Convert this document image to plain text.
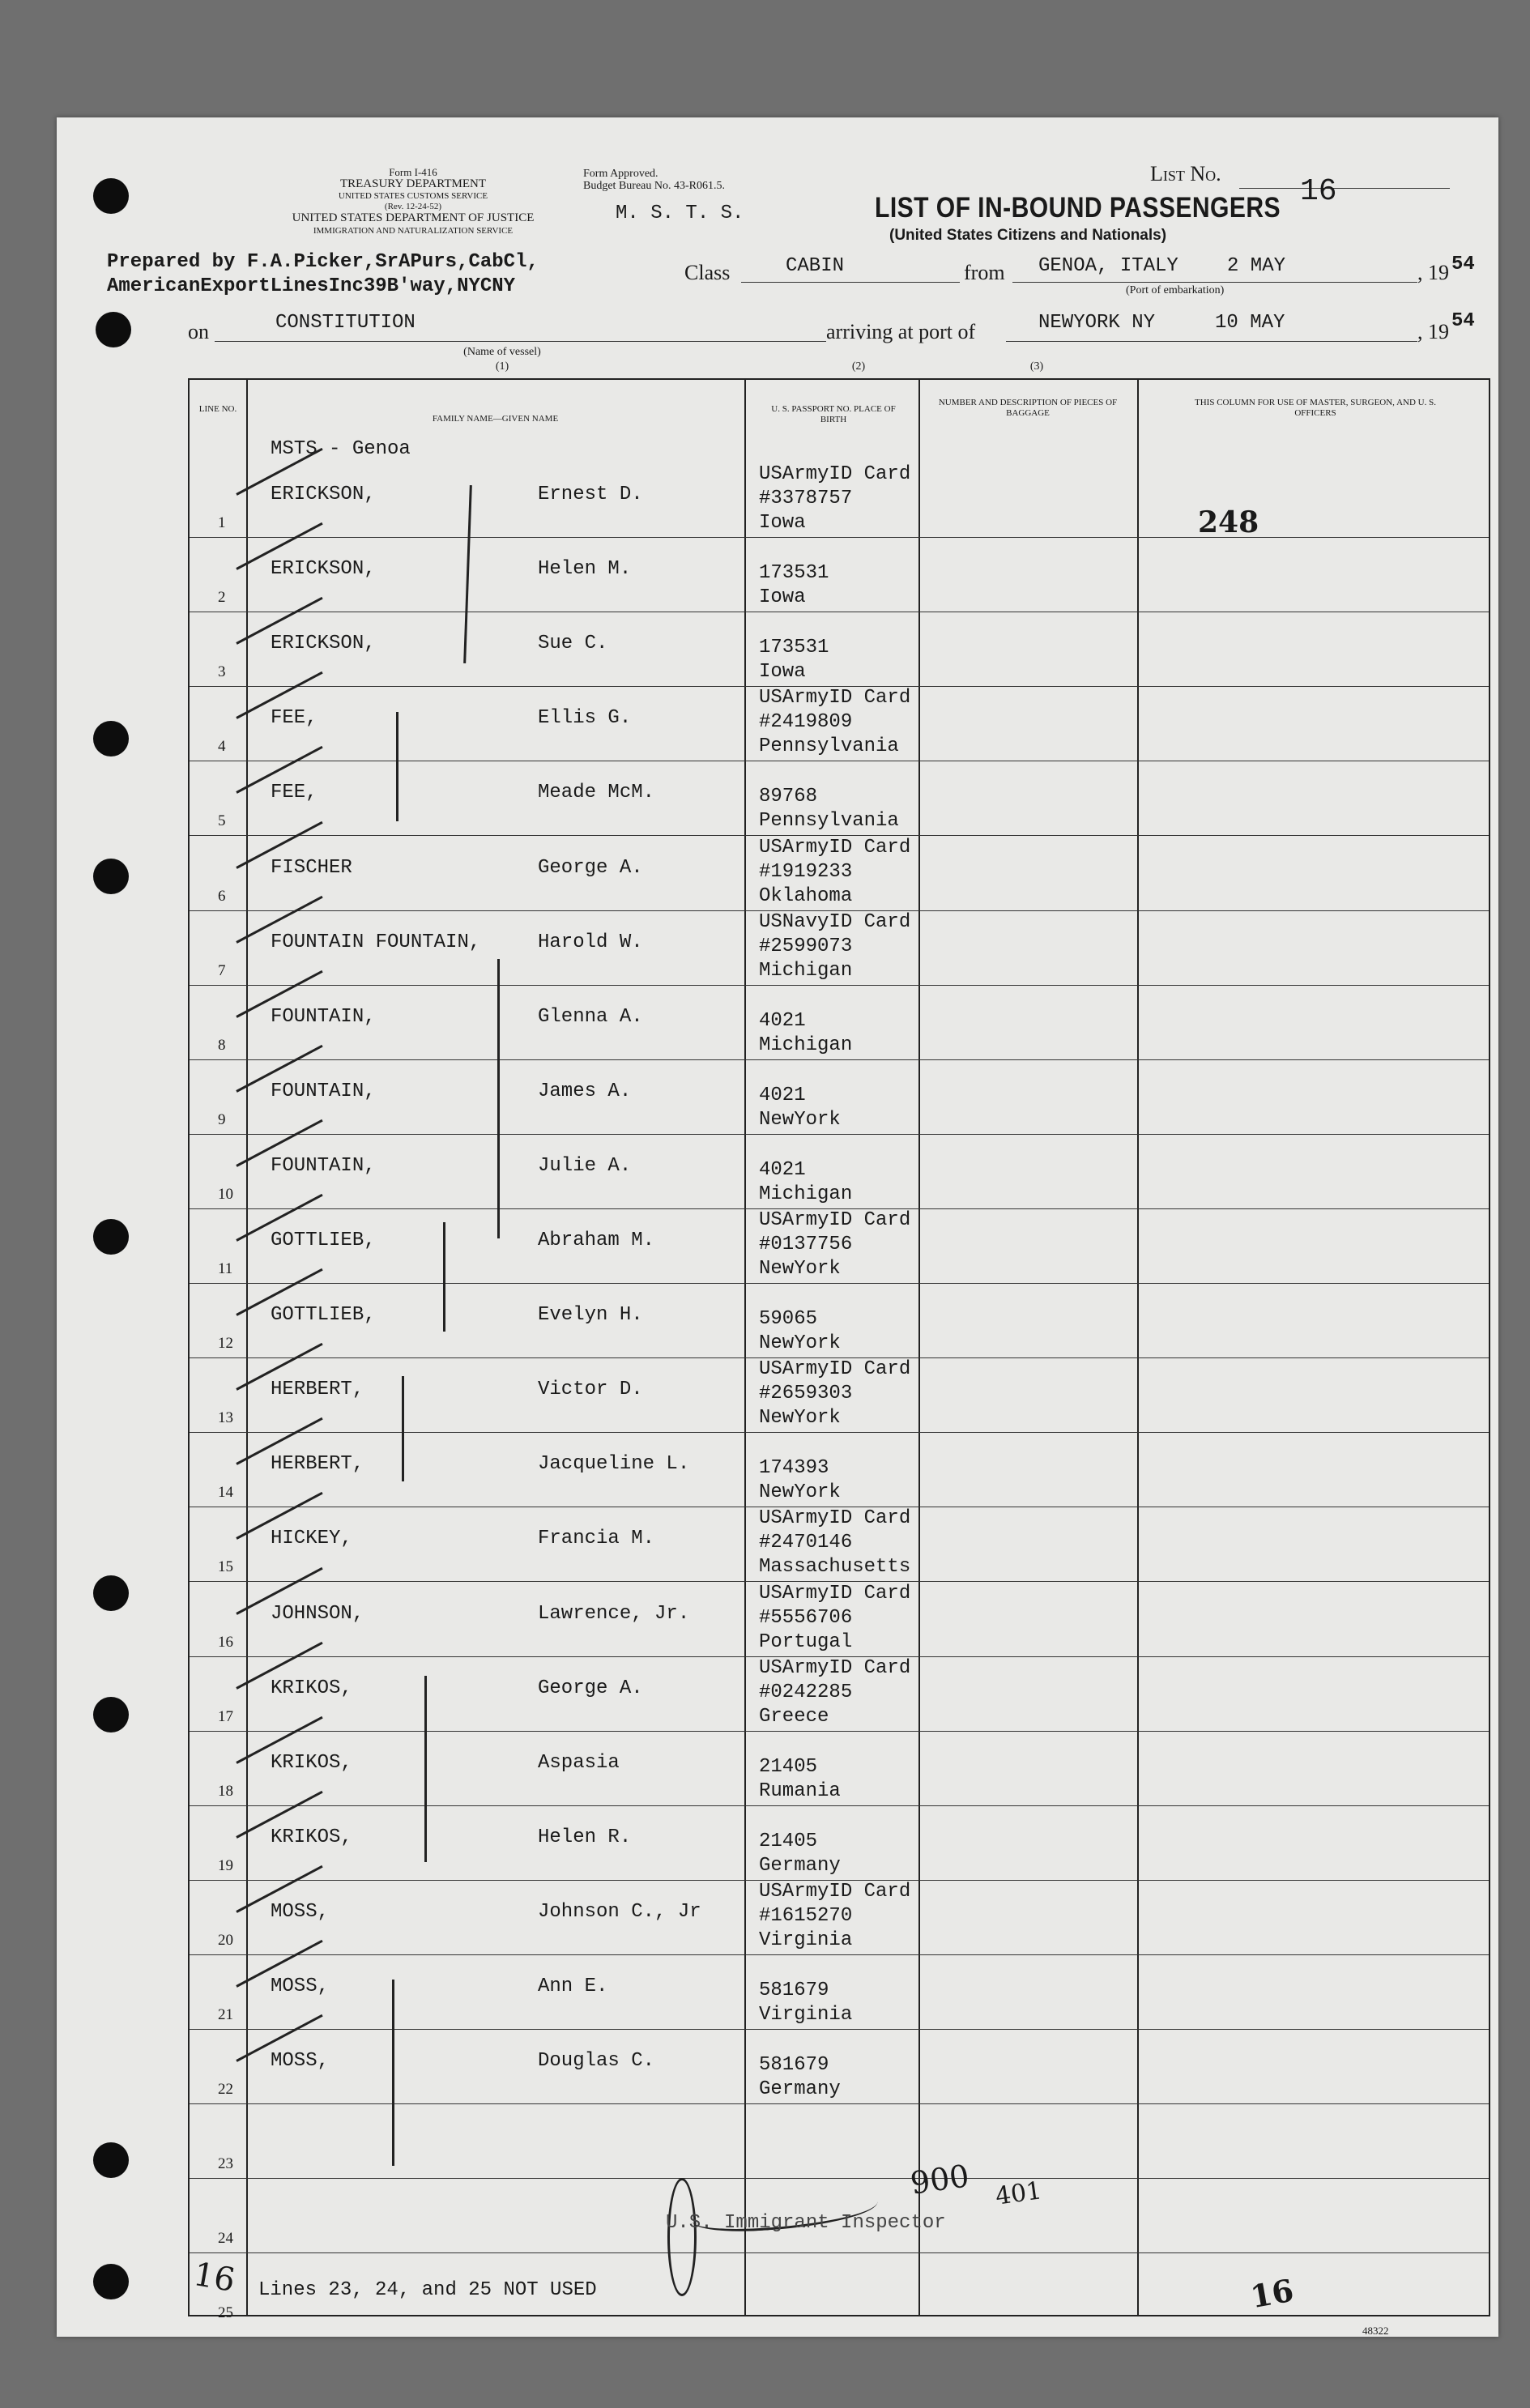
Form I-416
TREASURY DEPARTMENT
UNITED STATES CUSTOMS SERVICE
(Rev. 12-24-52)
UNITED STATES DEPARTMENT OF JUSTICE
IMMIGRATION AND NATURALIZATION SERVICE
Form Approved.
Budget Bureau No. 43-R061.5.
M. S. T. S.
List No.
16
LIST OF IN-BOUND PASSENGERS
(United States Citizens and Nationals)
Prepared by F.A.Picker,SrAPurs,CabCl,
AmericanExportLinesInc39B'way,NYCNY
Class	CABIN	from GENOA, ITALY	2 MAY	, 19 54
(Port of embarkation)
on	CONSTITUTION
(Name of vessel)
(1)
arriving at port of	NEWYORK NY	10 MAY	, 19 54
(2)	(3)
LINE NO.
FAMILY NAME—GIVEN NAME
U. S. PASSPORT NO. PLACE OF BIRTH
NUMBER AND DESCRIPTION OF PIECES OF BAGGAGE
THIS COLUMN FOR USE OF MASTER, SURGEON, AND U. S. OFFICERS
MSTS - Genoa
248
1
ERICKSON,	Ernest D.
USArmyID Card
#3378757
Iowa
2
ERICKSON,	Helen M.	173531
Iowa
3
ERICKSON,	Sue C.	173531
Iowa
4
FEE,	Ellis G.
USArmyID Card
#2419809
Pennsylvania
5
FEE,	Meade McM.	89768
Pennsylvania
6
FISCHER	George A.
USArmyID Card
#1919233
Oklahoma
7
FOUNTAIN FOUNTAIN,	Harold W.
USNavyID Card
#2599073
Michigan
8
FOUNTAIN,	Glenna A.	4021
Michigan
9
FOUNTAIN,	James A.	4021
NewYork
10
FOUNTAIN,	Julie A.	4021
Michigan
11
GOTTLIEB,	Abraham M.
USArmyID Card
#0137756
NewYork
12
GOTTLIEB,	Evelyn H.	59065
NewYork
13
HERBERT,	Victor D.
USArmyID Card
#2659303
NewYork
14
HERBERT,	Jacqueline L.	174393
NewYork
15
HICKEY,	Francia M.
USArmyID Card
#2470146
Massachusetts
16
JOHNSON,	Lawrence, Jr.
USArmyID Card
#5556706
Portugal
17
KRIKOS,	George A.
USArmyID Card
#0242285
Greece
18
KRIKOS,	Aspasia	21405
Rumania
19
KRIKOS,	Helen R.	21405
Germany
20
MOSS,	Johnson C., Jr
USArmyID Card
#1615270
Virginia
21
MOSS,	Ann E.	581679
Virginia
22
MOSS,	Douglas C.	581679
Germany
23
24
25
900 401
U.S. Immigrant Inspector
16 Lines 23, 24, and 25 NOT USED	16
48322
